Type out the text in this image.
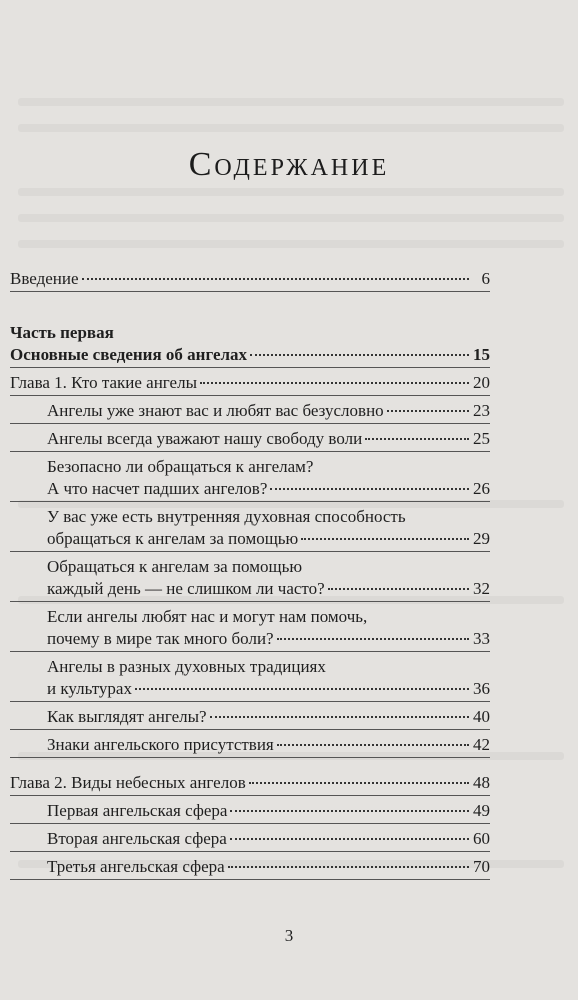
Содержание
Введение	6
Часть первая
Основные сведения об ангелах	15
Глава 1. Кто такие ангелы	20
Ангелы уже знают вас и любят вас безусловно	23
Ангелы всегда уважают нашу свободу воли	25
Безопасно ли обращаться к ангелам?
А что насчет падших ангелов?	26
У вас уже есть внутренняя духовная способность
обращаться к ангелам за помощью	29
Обращаться к ангелам за помощью
каждый день — не слишком ли часто?	32
Если ангелы любят нас и могут нам помочь,
почему в мире так много боли?	33
Ангелы в разных духовных традициях
и культурах	36
Как выглядят ангелы?	40
Знаки ангельского присутствия	42
Глава 2. Виды небесных ангелов	48
Первая ангельская сфера	49
Вторая ангельская сфера	60
Третья ангельская сфера	70
3
